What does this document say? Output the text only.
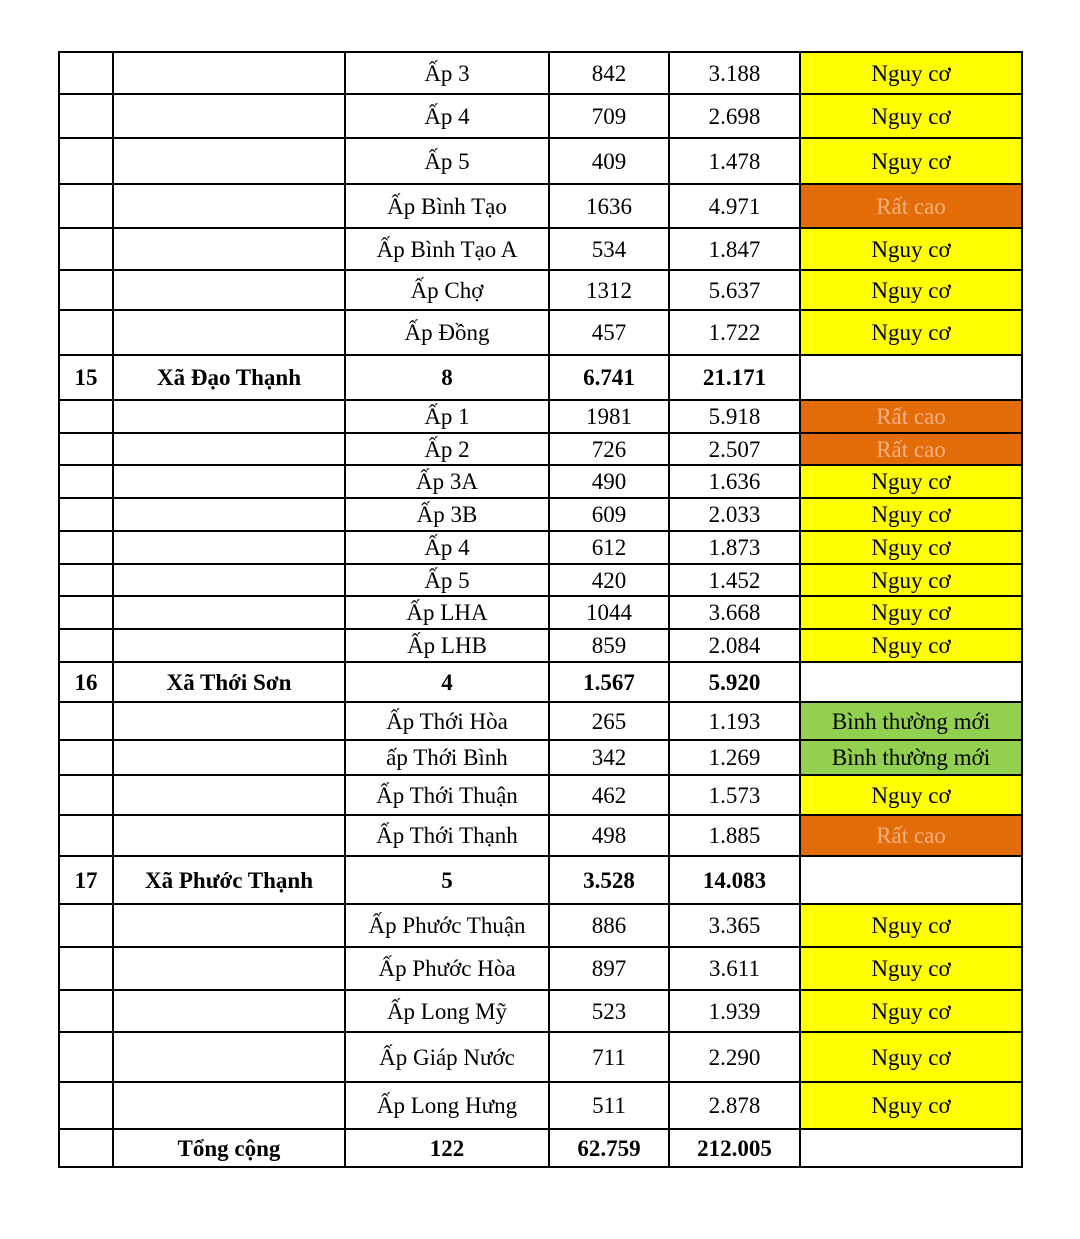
		Ấp 3	842	3.188	Nguy cơ
		Ấp 4	709	2.698	Nguy cơ
		Ấp 5	409	1.478	Nguy cơ
		Ấp Bình Tạo	1636	4.971	Rất cao
		Ấp Bình Tạo A	534	1.847	Nguy cơ
		Ấp Chợ	1312	5.637	Nguy cơ
		Ấp Đồng	457	1.722	Nguy cơ
15	Xã Đạo Thạnh	8	6.741	21.171	
		Ấp 1	1981	5.918	Rất cao
		Ấp 2	726	2.507	Rất cao
		Ấp 3A	490	1.636	Nguy cơ
		Ấp 3B	609	2.033	Nguy cơ
		Ấp 4	612	1.873	Nguy cơ
		Ấp 5	420	1.452	Nguy cơ
		Ấp LHA	1044	3.668	Nguy cơ
		Ấp LHB	859	2.084	Nguy cơ
16	Xã Thới Sơn	4	1.567	5.920	
		Ấp Thới Hòa	265	1.193	Bình thường mới
		ấp Thới Bình	342	1.269	Bình thường mới
		Ấp Thới Thuận	462	1.573	Nguy cơ
		Ấp Thới Thạnh	498	1.885	Rất cao
17	Xã Phước Thạnh	5	3.528	14.083	
		Ấp Phước Thuận	886	3.365	Nguy cơ
		Ấp Phước Hòa	897	3.611	Nguy cơ
		Ấp Long Mỹ	523	1.939	Nguy cơ
		Ấp Giáp Nước	711	2.290	Nguy cơ
		Ấp Long Hưng	511	2.878	Nguy cơ
	Tổng cộng	122	62.759	212.005	
